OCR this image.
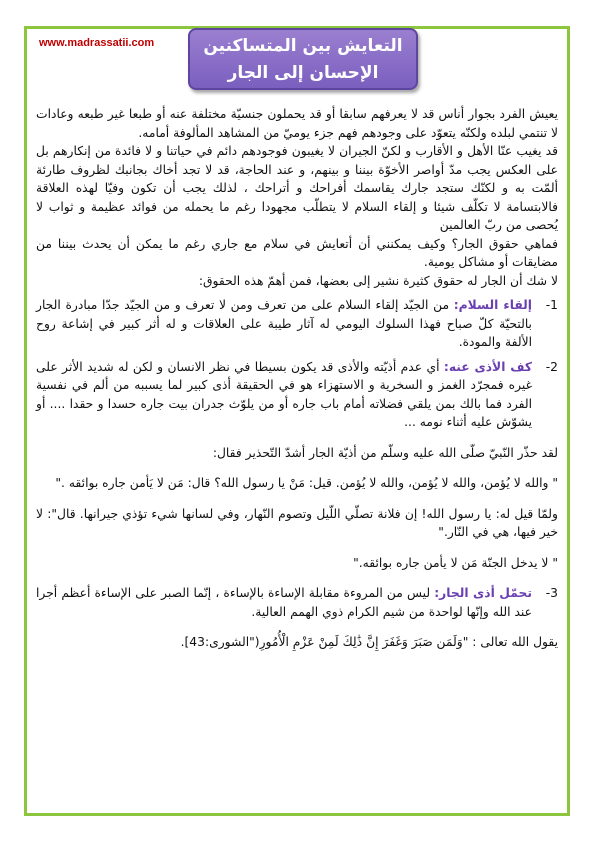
www.madrassatii.com	التعايش بين المتساكنين
الإحسان إلى الجار

يعيش الفرد بجوار أناس قد لا يعرفهم سابقا أو قد يحملون جنسيّة مختلفة عنه أو طبعا غير طبعه وعادات لا تنتمي لبلده ولكنّه يتعوّد على وجودهم فهم جزء يوميّ من المشاهد المألوفة أمامه.

قد يغيب عنّا الأهل و الأقارب و لكنّ الجيران لا يغيبون فوجودهم دائم في حياتنا و لا فائدة من إنكارهم بل على العكس يجب مدّ أواصر الأخوّة بيننا و بينهم، و عند الحاجة، قد لا تجد أخاك بجانبك لظروف طارئة ألمّت به و لكنّك ستجد جارك يقاسمك أفراحك و أتراحك ، لذلك يجب أن تكون وفيّا لهذه العلاقة فالابتسامة لا تكلّف شيئا و إلقاء السلام لا يتطلّب مجهودا رغم ما يحمله من فوائد عظيمة و ثواب لا يُحصى من ربّ العالمين

فماهي حقوق الجار؟ وكيف يمكنني أن أتعايش في سلام مع جاري رغم ما يمكن أن يحدث بيننا من مضايقات أو مشاكل يومية.

لا شك أن الجار له حقوق كثيرة نشير إلى بعضها، فمن أهمّ هذه الحقوق:

1-
إلقاء السلام: من الجيّد إلقاء السلام على من تعرف ومن لا تعرف و من الجيّد جدّا مبادرة الجار بالتحيّة كلّ صباح فهذا السلوك اليومي له آثار طيبة على العلاقات و له أثر كبير في إشاعة روح الألفة والمودة.
2-
كف الأذى عنه: أي عدم أذيّته والأذى قد يكون بسيطا في نظر الانسان و لكن له شديد الأثر على غيره فمجرّد الغمز و السخرية و الاستهزاء هو في الحقيقة أذى كبير لما يسببه من ألم في نفسية الفرد فما بالك بمن يلقي فضلاته أمام باب جاره أو من يلوّث جدران بيت جاره حسدا و حقدا .... أو يشوّش عليه أثناء نومه ...

لقد حذّر النّبيّ صلّى الله عليه وسلّم من أذيّة الجار أشدّ التّحذير فقال:

" والله لا يُؤمن، والله لا يُؤمن، والله لا يُؤمن. قيل: مَنْ يا رسول الله؟ قال: مَن لا يَأمن جاره بوائقه ."

ولمّا قيل له: يا رسول الله! إن فلانة تصلّي اللّيل وتصوم النّهار، وفي لسانها شيء تؤذي جيرانها. قال": لا خير فيها، هي في النّار."

" لا يدخل الجنّة مَن لا يأمن جاره بوائقه."

3-
تحمّل أذى الجار: ليس من المروءة مقابلة الإساءة بالإساءة ، إنّما الصبر على الإساءة أعظم أجرا عند الله وإنّها لواحدة من شيم الكرام ذوي الهمم العالية.

يقول الله تعالى : "وَلَمَن صَبَرَ وَغَفَرَ إِنَّ ذَٰلِكَ لَمِنْ عَزْمِ الْأُمُورِ("الشورى:43].
